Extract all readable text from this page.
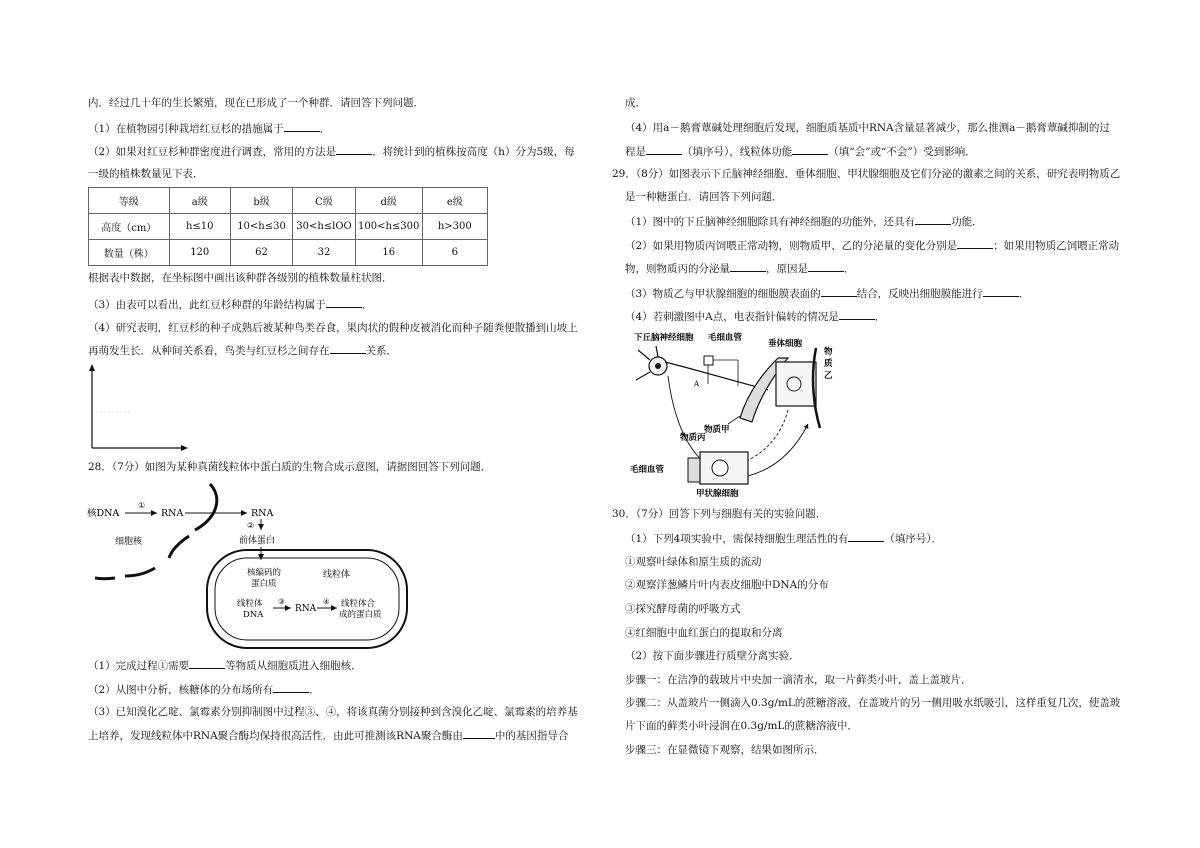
内．经过几十年的生长繁殖，现在已形成了一个种群．请回答下列问题．
（1）在植物园引种栽培红豆杉的措施属于	．
（2）如果对红豆杉种群密度进行调查，常用的方法是	．将统计到的植株按高度（h）分为5级，每
一级的植株数量见下表．
等级	a级	b级	C级	d级	e级
高度（cm）	h≤10	10<h≤30	30<h≤lOO	100<h≤300	h>300
数量（株）	120	62	32	16	6
根据表中数据，在坐标图中画出该种群各级别的植株数量柱状图．
（3）由表可以看出，此红豆杉种群的年龄结构属于	．
（4）研究表明，红豆杉的种子成熟后被某种鸟类吞食，果肉状的假种皮被消化而种子随粪便散播到山坡上
再萌发生长．从种间关系看，鸟类与红豆杉之间存在	关系．
28．（7分）如图为某种真菌线粒体中蛋白质的生物合成示意图，请据图回答下列问题．
核DNA
①
RNA	RNA
细胞核
②
前体蛋白
核编码的
蛋白质
线粒体
线粒体
DNA
③
RNA
④ 线粒体合
成的蛋白质
（1）完成过程①需要	等物质从细胞质进入细胞核．
（2）从图中分析，核糖体的分布场所有	．
（3）已知溴化乙啶、氯霉素分别抑制图中过程③、④，将该真菌分别接种到含溴化乙啶、氯霉素的培养基
上培养，发现线粒体中RNA聚合酶均保持很高活性．由此可推测该RNA聚合酶由	中的基因指导合
成．
（4）用a－鹅膏蕈碱处理细胞后发现，细胞质基质中RNA含量显著减少，那么推测a－鹅膏蕈碱抑制的过
程是	（填序号），线粒体功能	（填“会”或“不会”）受到影响．
29．（8分）如图表示下丘脑神经细胞、垂体细胞、甲状腺细胞及它们分泌的激素之间的关系，研究表明物质乙
是一种糖蛋白．请回答下列问题．
（1）图中的下丘脑神经细胞除具有神经细胞的功能外，还具有	功能．
（2）如果用物质丙饲喂正常动物，则物质甲、乙的分泌量的变化分别是	；如果用物质乙饲喂正常动
物，则物质丙的分泌量	，原因是	．
（3）物质乙与甲状腺细胞的细胞膜表面的	结合，反映出细胞膜能进行	．
（4）若刺激图中A点，电表指针偏转的情况是	．
下丘脑神经细胞 毛细血管
垂体细胞
物
质
乙
A
物质甲
物质丙
毛细血管
甲状腺细胞
30．（7分）回答下列与细胞有关的实验问题．
（1）下列4项实验中，需保持细胞生理活性的有	（填序号）．
①观察叶绿体和原生质的流动
②观察洋葱鳞片叶内表皮细胞中DNA的分布
③探究酵母菌的呼吸方式
④红细胞中血红蛋白的提取和分离
（2）按下面步骤进行质壁分离实验．
步骤一：在洁净的载玻片中央加一滴清水，取一片藓类小叶，盖上盖玻片．
步骤二：从盖玻片一侧滴入0.3g/mL的蔗糖溶液，在盖玻片的另一侧用吸水纸吸引，这样重复几次，使盖玻
片下面的藓类小叶浸润在0.3g/mL的蔗糖溶液中．
步骤三：在显微镜下观察，结果如图所示．
